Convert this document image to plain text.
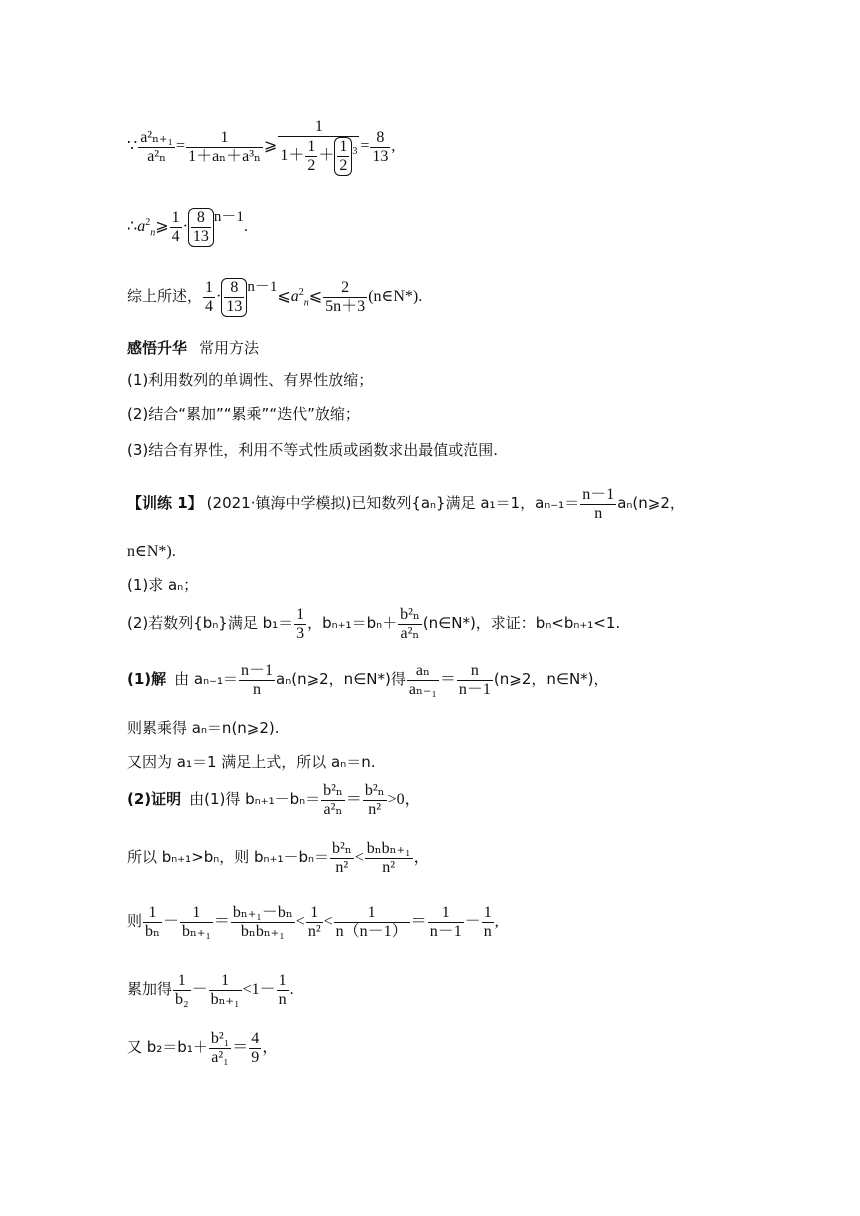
∵ $\frac{\text{a²ₙ₊₁}}{\text{a²ₙ}} = \frac{1}{\text{1＋aₙ＋a³ₙ}}$ ⩾ $\frac{1}{1+ \frac{1}{2} + \frac{1}{2} ^3} = \frac{8}{13}$ ,
$\therefore a^2_n⩾ \frac{1}{4} \cdot \frac{8}{13} ^{n-1}$.
综上所述， $\frac{1}{4} \cdot \frac{8}{13}$ $^{n-1}⩽a^2_n⩽ \frac{2}{5n+3}$ (n∈N*).
感悟升华 常用方法
(1)利用数列的单调性、有界性放缩；
(2)结合“累加”“累乘”“迭代”放缩；
(3)结合有界性，利用不等式性质或函数求出最值或范围.
【训练 1】 (2021·镇海中学模拟)已知数列{aₙ}满足 a₁＝1，$a_{n-1}= \frac{n-1}{n}$ aₙ(n⩾2，
n∈N*).
(1)求 aₙ；
(2)若数列{bₙ}满足 $b_1= \frac{1}{3}$ ，$b_{n+1}=b_n+ \frac{\text{b²ₙ}}{\text{a²ₙ}}$ (n∈N*)，求证：bₙ<bₙ₊₁<1.
(1)解 由 $a_{n-1}= \frac{n-1}{n}$ aₙ(n⩾2，n∈N*)得 $\frac{\text{aₙ}}{\text{aₙ₋₁}} = \frac{n}{n-1}$ (n⩾2，n∈N*)，
则累乘得 aₙ＝n(n⩾2).
又因为 a₁＝1 满足上式，所以 aₙ＝n.
(2)证明 由(1)得 $b_{n+1}-b_n= \frac{\text{b²ₙ}}{\text{a²ₙ}} = \frac{\text{b²ₙ}}{\text{n²}} >0$，
所以 bₙ₊₁>bₙ，则 $b_{n+1}-b_n= \frac{\text{b²ₙ}}{\text{n²}} < \frac{\text{bₙbₙ₊₁}}{\text{n²}}$ ，
则 $\frac{1}{\text{bₙ}} - \frac{1}{\text{bₙ₊₁}} = \frac{\text{bₙ₊₁－bₙ}}{\text{bₙbₙ₊₁}} < \frac{1}{\text{n²}} < \frac{1}{n(n-1)} = \frac{1}{n-1} - \frac{1}{n}$ ,
累加得 $\frac{1}{\text{b₂}} - \frac{1}{\text{bₙ₊₁}} <1- \frac{1}{n}$ .
又 $b_2=b_1+ \frac{\text{b²₁}}{\text{a²₁}} = \frac{4}{9}$ ，
